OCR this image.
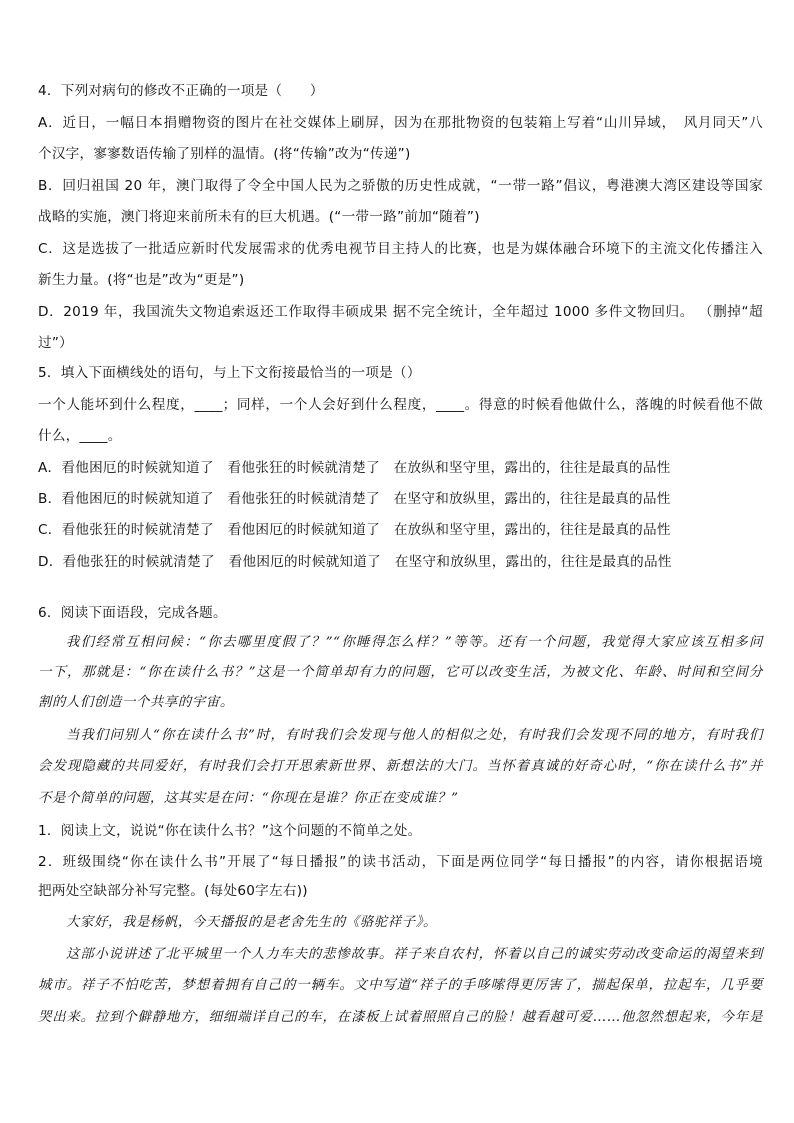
4．下列对病句的修改不正确的一项是（　　）
A．近日，一幅日本捐赠物资的图片在社交媒体上刷屏，因为在那批物资的包装箱上写着“山川异域，　风月同天”八
个汉字，寥寥数语传输了别样的温情。(将“传输”改为“传递”)
B．回归祖国 20 年，澳门取得了令全中国人民为之骄傲的历史性成就，“一带一路”倡议，粤港澳大湾区建设等国家
战略的实施，澳门将迎来前所未有的巨大机遇。(“一带一路”前加“随着”)
C．这是选拔了一批适应新时代发展需求的优秀电视节目主持人的比赛，也是为媒体融合环境下的主流文化传播注入
新生力量。(将“也是”改为“更是”)
D．2019 年，我国流失文物追索返还工作取得丰硕成果 据不完全统计，全年超过 1000 多件文物回归。 （删掉“超
过”）
5．填入下面横线处的语句，与上下文衔接最恰当的一项是（）
一个人能坏到什么程度，____；同样，一个人会好到什么程度，____。得意的时候看他做什么，落魄的时候看他不做
什么，____。
A．看他困厄的时候就知道了　看他张狂的时候就清楚了　在放纵和坚守里，露出的，往往是最真的品性
B．看他困厄的时候就知道了　看他张狂的时候就清楚了　在坚守和放纵里，露出的，往往是最真的品性
C．看他张狂的时候就清楚了　看他困厄的时候就知道了　在放纵和坚守里，露出的，往往是最真的品性
D．看他张狂的时候就清楚了　看他困厄的时候就知道了　在坚守和放纵里，露出的，往往是最真的品性
6．阅读下面语段，完成各题。
我们经常互相问候：“你去哪里度假了？”“你睡得怎么样？”等等。还有一个问题，我觉得大家应该互相多问
一下，那就是：“你在读什么书？”这是一个简单却有力的问题，它可以改变生活，为被文化、年龄、时间和空间分
割的人们创造一个共享的宇宙。
当我们问别人“你在读什么书”时，有时我们会发现与他人的相似之处，有时我们会发现不同的地方，有时我们
会发现隐藏的共同爱好，有时我们会打开思索新世界、新想法的大门。当怀着真诚的好奇心时，“你在读什么书”并
不是个简单的问题，这其实是在问：“你现在是谁？你正在变成谁？”
1．阅读上文，说说“你在读什么书？”这个问题的不简单之处。
2．班级围绕“你在读什么书”开展了“每日播报”的读书活动，下面是两位同学“每日播报”的内容，请你根据语境
把两处空缺部分补写完整。(每处60字左右))
大家好，我是杨帆，今天播报的是老舍先生的《骆驼祥子》。
这部小说讲述了北平城里一个人力车夫的悲惨故事。祥子来自农村，怀着以自己的诚实劳动改变命运的渴望来到
城市。祥子不怕吃苦，梦想着拥有自己的一辆车。文中写道“祥子的手哆嗦得更厉害了，揣起保单，拉起车，几乎要
哭出来。拉到个僻静地方，细细端详自己的车，在漆板上试着照照自己的脸！越看越可爱……他忽然想起来，今年是
